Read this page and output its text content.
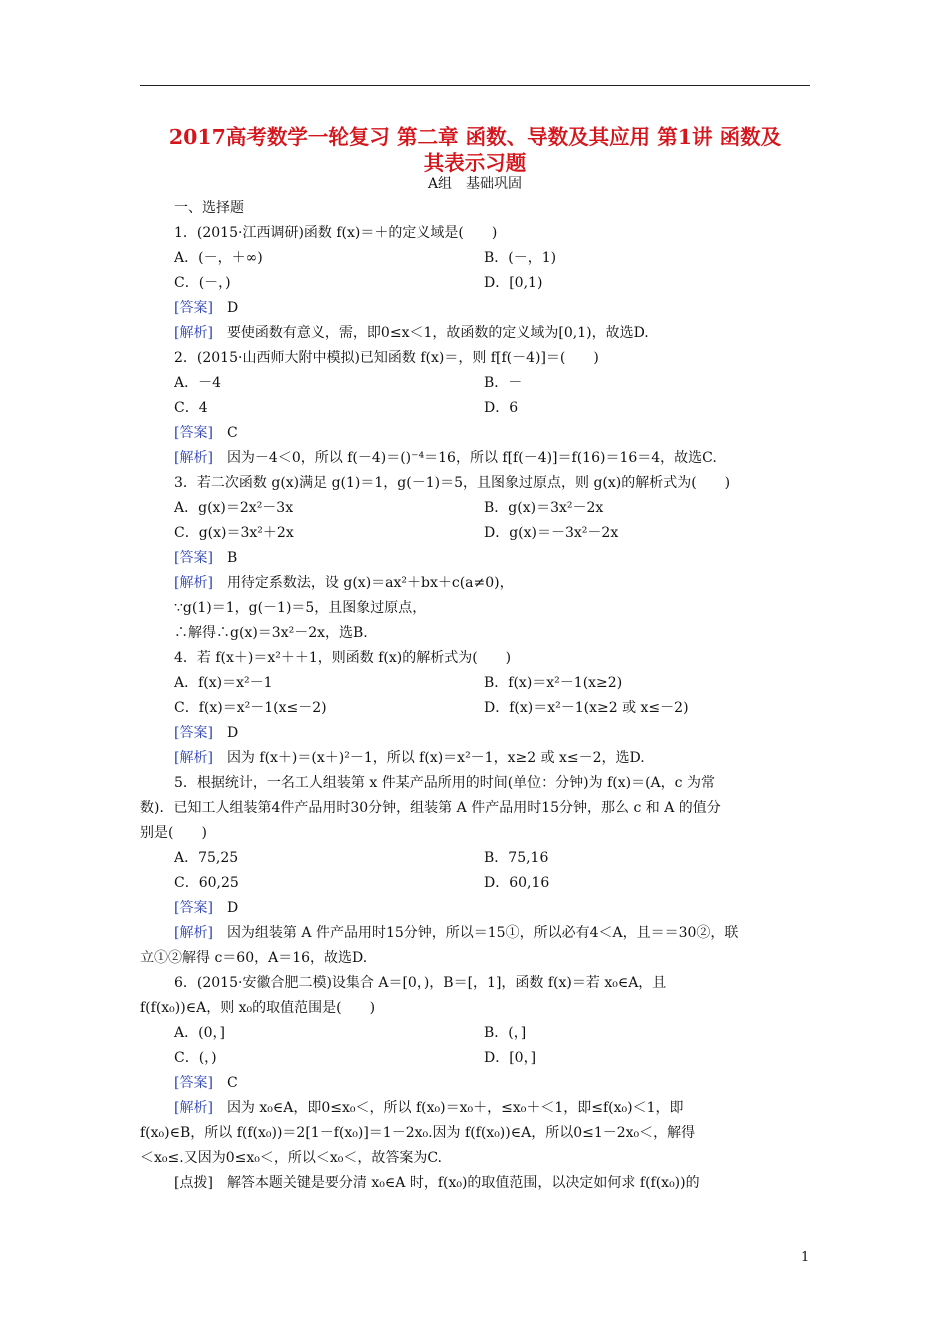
2017高考数学一轮复习 第二章 函数、导数及其应用 第1讲 函数及
其表示习题
A组　基础巩固
一、选择题
1．(2015·江西调研)函数 f(x)＝＋的定义域是(　　)
A．(－，＋∞)	B．(－，1)
C．(－，)	D．[0,1)
[答案]　 D
[解析]　 要使函数有意义，需，即0≤x＜1，故函数的定义域为[0,1)，故选D.
2．(2015·山西师大附中模拟)已知函数 f(x)＝，则 f[f(－4)]＝(　　)
A．－4	B．－
C．4	D．6
[答案]　 C
[解析]　 因为－4＜0，所以 f(－4)＝()⁻⁴＝16，所以 f[f(－4)]＝f(16)＝16＝4，故选C.
3．若二次函数 g(x)满足 g(1)＝1，g(－1)＝5，且图象过原点，则 g(x)的解析式为(　　)
A．g(x)＝2x²－3x	B．g(x)＝3x²－2x
C．g(x)＝3x²＋2x	D．g(x)＝－3x²－2x
[答案]　 B
[解析]　 用待定系数法，设 g(x)＝ax²＋bx＋c(a≠0)，
∵g(1)＝1，g(－1)＝5，且图象过原点，
∴解得∴g(x)＝3x²－2x，选B.
4．若 f(x＋)＝x²＋＋1，则函数 f(x)的解析式为(　　)
A．f(x)＝x²－1	B．f(x)＝x²－1(x≥2)
C．f(x)＝x²－1(x≤－2)	D．f(x)＝x²－1(x≥2 或 x≤－2)
[答案]　 D
[解析]　 因为 f(x＋)＝(x＋)²－1，所以 f(x)＝x²－1，x≥2 或 x≤－2，选D.
5．根据统计，一名工人组装第 x 件某产品所用的时间(单位：分钟)为 f(x)＝(A，c 为常
数)．已知工人组装第4件产品用时30分钟，组装第 A 件产品用时15分钟，那么 c 和 A 的值分
别是(　　)
A．75,25	B．75,16
C．60,25	D．60,16
[答案]　 D
[解析]　 因为组装第 A 件产品用时15分钟，所以＝15①，所以必有4＜A，且＝＝30②，联
立①②解得 c＝60，A＝16，故选D.
6．(2015·安徽合肥二模)设集合 A＝[0，)，B＝[，1]，函数 f(x)＝若 x₀∈A，且
f(f(x₀))∈A，则 x₀的取值范围是(　　)
A．(0，]	B．(，]
C．(，)	D．[0，]
[答案]　 C
[解析]　 因为 x₀∈A，即0≤x₀＜，所以 f(x₀)＝x₀＋，≤x₀＋＜1，即≤f(x₀)＜1，即
f(x₀)∈B，所以 f(f(x₀))＝2[1－f(x₀)]＝1－2x₀.因为 f(f(x₀))∈A，所以0≤1－2x₀＜，解得
＜x₀≤.又因为0≤x₀＜，所以＜x₀＜，故答案为C.
[点拨]　 解答本题关键是要分清 x₀∈A 时，f(x₀)的取值范围，以决定如何求 f(f(x₀))的
1
